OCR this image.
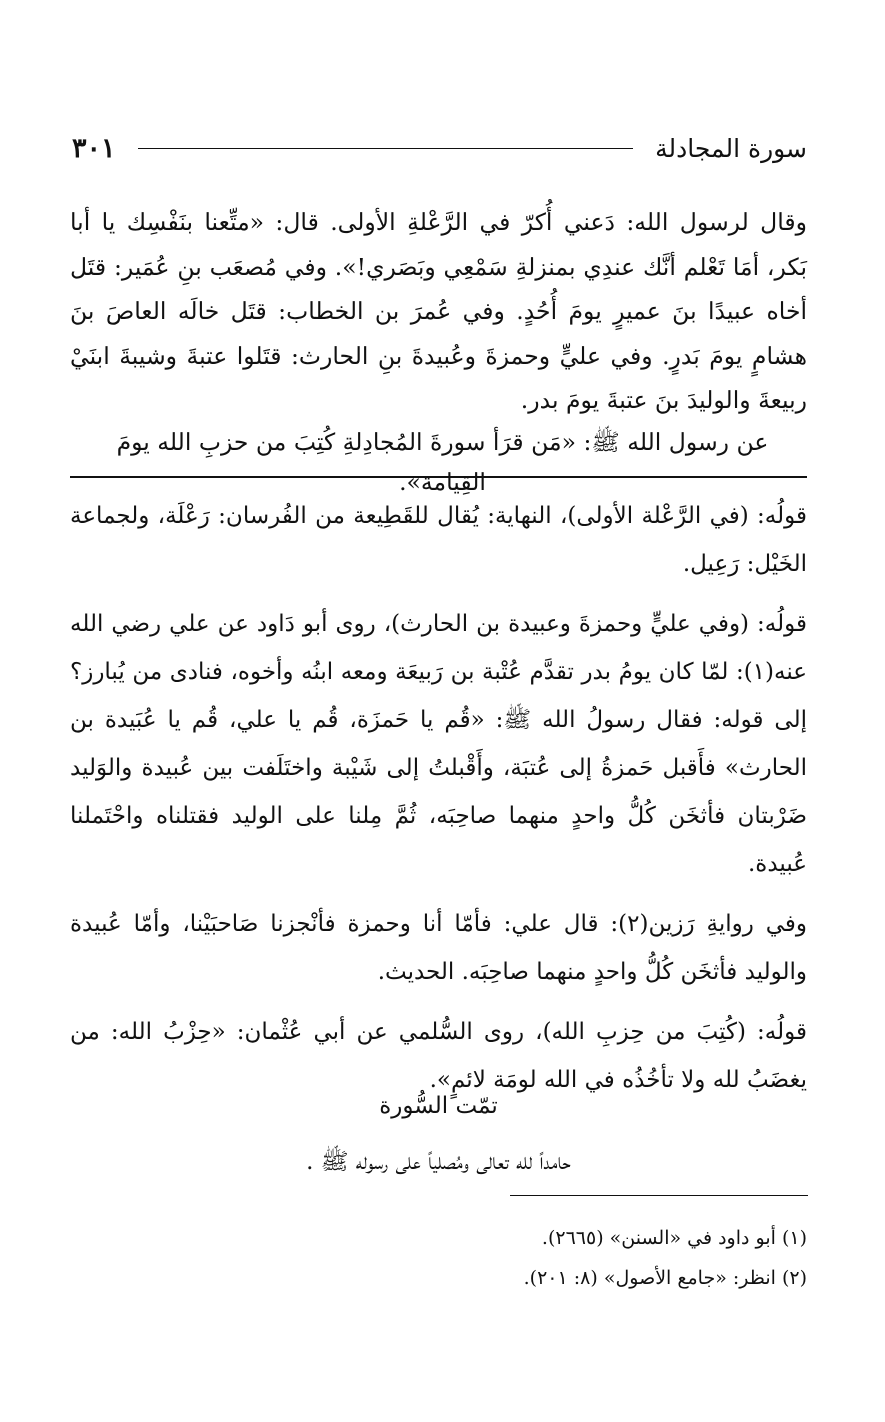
سورة المجادلة
٣٠١

وقال لرسول الله: دَعني أُكرّ في الرَّعْلةِ الأولى. قال: «متِّعنا بنَفْسِك يا أبا بَكر، أمَا تَعْلم أنَّك عندِي بمنزلةِ سَمْعِي وبَصَري!». وفي مُصعَب بنِ عُمَير: قتَل أخاه عبيدًا بنَ عميرٍ يومَ أُحُدٍ. وفي عُمرَ بن الخطاب: قتَل خالَه العاصَ بنَ هشامٍ يومَ بَدرٍ. وفي عليٍّ وحمزةَ وعُبيدةَ بنِ الحارث: قتَلوا عتبةَ وشيبةَ ابنَيْ ربيعةَ والوليدَ بنَ عتبةَ يومَ بدر.

عن رسول الله ﷺ: «مَن قرَأ سورةَ المُجادِلةِ كُتِبَ من حزبِ الله يومَ القِيامة».

قولُه: (في الرَّعْلة الأولى)، النهاية: يُقال للقَطِيعة من الفُرسان: رَعْلَة، ولجماعة الخَيْل: رَعِيل.

قولُه: (وفي عليٍّ وحمزةَ وعبيدة بن الحارث)، روى أبو دَاود عن علي رضي الله عنه(١): لمّا كان يومُ بدر تقدَّم عُتْبة بن رَبيعَة ومعه ابنُه وأخوه، فنادى من يُبارز؟ إلى قوله: فقال رسولُ الله ﷺ: «قُم يا حَمزَة، قُم يا علي، قُم يا عُبَيدة بن الحارث» فأَقبل حَمزةُ إلى عُتبَة، وأَقْبلتُ إلى شَيْبة واختَلَفت بين عُبيدة والوَليد ضَرْبتان فأثخَن كُلُّ واحدٍ منهما صاحِبَه، ثُمَّ مِلنا على الوليد فقتلناه واحْتَملنا عُبيدة.

وفي روايةِ رَزين(٢): قال علي: فأمّا أنا وحمزة فأنْجزنا صَاحبَيْنا، وأمّا عُبيدة والوليد فأثخَن كُلُّ واحدٍ منهما صاحِبَه. الحديث.

قولُه: (كُتِبَ من حِزبِ الله)، روى السُّلمي عن أبي عُثْمان: «حِزْبُ الله: من يغضَبُ لله ولا تأخُذُه في الله لومَة لائمٍ».

تمّت السُّورة
حامداً لله تعالى ومُصلياً على رسوله ﷺ .
(١) أبو داود في «السنن» (٢٦٦٥).
(٢) انظر: «جامع الأصول» (٨: ٢٠١).
